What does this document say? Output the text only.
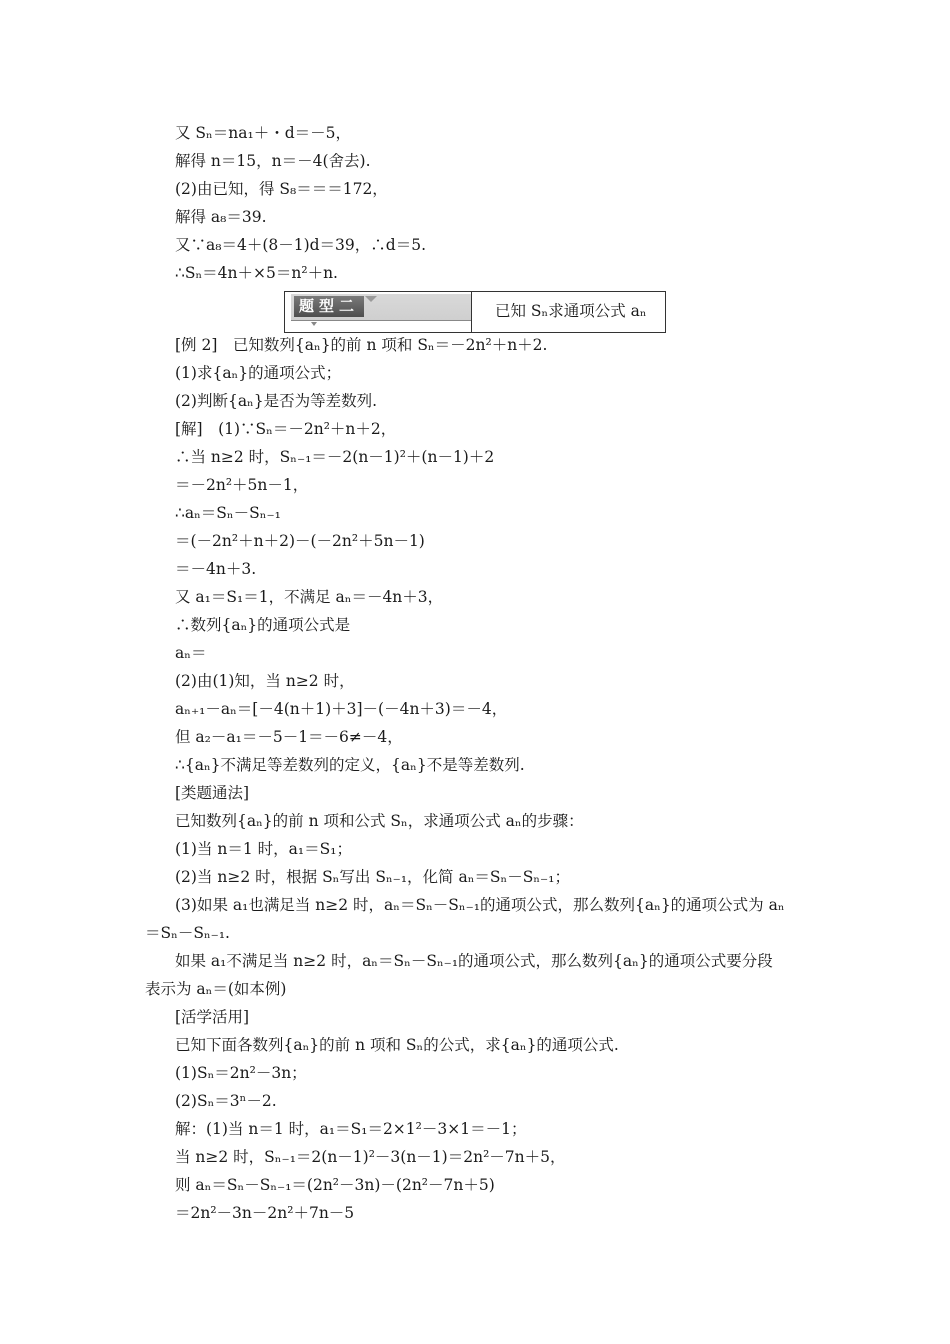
又 Sₙ＝na₁＋・d＝－5，
解得 n＝15，n＝－4(舍去).
(2)由已知，得 S₈＝＝＝172，
解得 a₈＝39.
又∵a₈＝4＋(8－1)d＝39，∴d＝5.
∴Sₙ＝4n＋×5＝n²＋n.
题型二	已知 Sₙ求通项公式 aₙ
[例 2]　已知数列{aₙ}的前 n 项和 Sₙ＝－2n²＋n＋2.
(1)求{aₙ}的通项公式；
(2)判断{aₙ}是否为等差数列.
[解]　(1)∵Sₙ＝－2n²＋n＋2，
∴当 n≥2 时，Sₙ₋₁＝－2(n－1)²＋(n－1)＋2
＝－2n²＋5n－1，
∴aₙ＝Sₙ－Sₙ₋₁
＝(－2n²＋n＋2)－(－2n²＋5n－1)
＝－4n＋3.
又 a₁＝S₁＝1，不满足 aₙ＝－4n＋3，
∴数列{aₙ}的通项公式是
aₙ＝
(2)由(1)知，当 n≥2 时，
aₙ₊₁－aₙ＝[－4(n＋1)＋3]－(－4n＋3)＝－4，
但 a₂－a₁＝－5－1＝－6≠－4，
∴{aₙ}不满足等差数列的定义，{aₙ}不是等差数列.
[类题通法]
已知数列{aₙ}的前 n 项和公式 Sₙ，求通项公式 aₙ的步骤：
(1)当 n＝1 时，a₁＝S₁；
(2)当 n≥2 时，根据 Sₙ写出 Sₙ₋₁，化简 aₙ＝Sₙ－Sₙ₋₁；
(3)如果 a₁也满足当 n≥2 时，aₙ＝Sₙ－Sₙ₋₁的通项公式，那么数列{aₙ}的通项公式为 aₙ
＝Sₙ－Sₙ₋₁.
如果 a₁不满足当 n≥2 时，aₙ＝Sₙ－Sₙ₋₁的通项公式，那么数列{aₙ}的通项公式要分段
表示为 aₙ＝(如本例)
[活学活用]
已知下面各数列{aₙ}的前 n 项和 Sₙ的公式，求{aₙ}的通项公式.
(1)Sₙ＝2n²－3n；
(2)Sₙ＝3ⁿ－2.
解：(1)当 n＝1 时，a₁＝S₁＝2×1²－3×1＝－1；
当 n≥2 时，Sₙ₋₁＝2(n－1)²－3(n－1)＝2n²－7n＋5，
则 aₙ＝Sₙ－Sₙ₋₁＝(2n²－3n)－(2n²－7n＋5)
＝2n²－3n－2n²＋7n－5
